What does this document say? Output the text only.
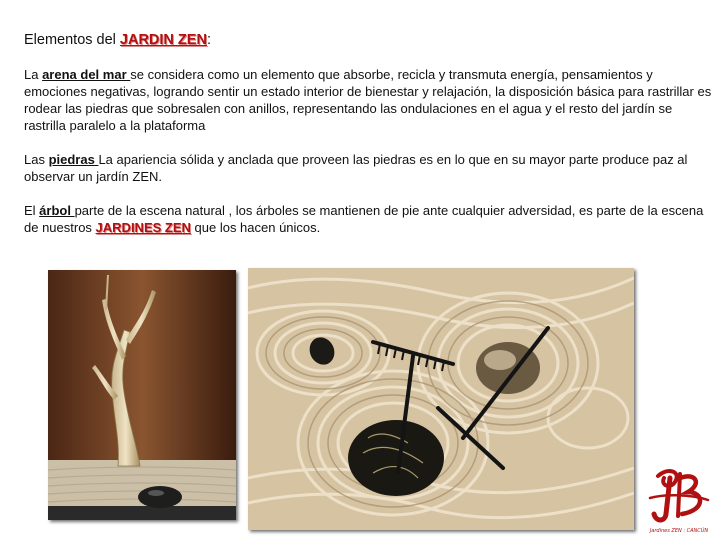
Elementos del JARDIN ZEN:

La arena del mar se considera como un elemento que absorbe, recicla y transmuta energía, pensamientos y emociones negativas, logrando sentir un estado interior de bienestar y relajación, la disposición básica para rastrillar es rodear las piedras que sobresalen con anillos, representando las ondulaciones en el agua y el resto del jardín se rastrilla paralelo a la plataforma

Las piedras La apariencia sólida y anclada que proveen las piedras es en lo que en su mayor parte produce paz al observar un jardín ZEN.

El árbol parte de la escena natural , los árboles se mantienen de pie ante cualquier adversidad, es parte de la escena de nuestros JARDINES ZEN que los hacen únicos.

Jardines ZEN : CANCÚN
